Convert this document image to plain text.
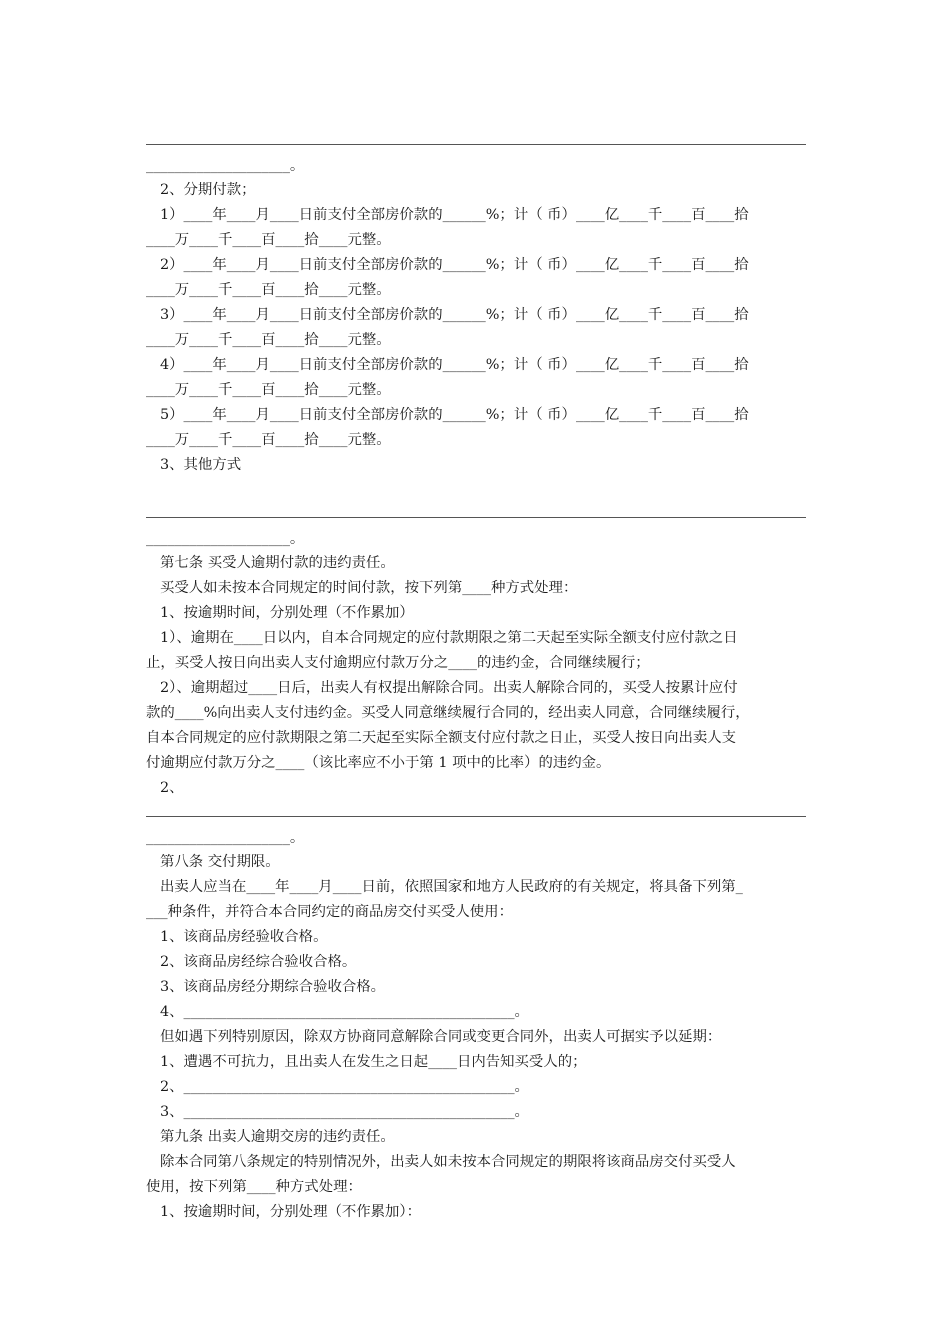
____________________。
2、分期付款；
1）____年____月____日前支付全部房价款的______%；计（ 币）____亿____千____百____拾
____万____千____百____拾____元整。
2）____年____月____日前支付全部房价款的______%；计（ 币）____亿____千____百____拾
____万____千____百____拾____元整。
3）____年____月____日前支付全部房价款的______%；计（ 币）____亿____千____百____拾
____万____千____百____拾____元整。
4）____年____月____日前支付全部房价款的______%；计（ 币）____亿____千____百____拾
____万____千____百____拾____元整。
5）____年____月____日前支付全部房价款的______%；计（ 币）____亿____千____百____拾
____万____千____百____拾____元整。
3、其他方式
____________________。
第七条 买受人逾期付款的违约责任。
买受人如未按本合同规定的时间付款，按下列第____种方式处理：
1、按逾期时间，分别处理（不作累加）
1）、逾期在____日以内，自本合同规定的应付款期限之第二天起至实际全额支付应付款之日
止，买受人按日向出卖人支付逾期应付款万分之____的违约金，合同继续履行；
2）、逾期超过____日后，出卖人有权提出解除合同。出卖人解除合同的，买受人按累计应付
款的____%向出卖人支付违约金。买受人同意继续履行合同的，经出卖人同意，合同继续履行，
自本合同规定的应付款期限之第二天起至实际全额支付应付款之日止，买受人按日向出卖人支
付逾期应付款万分之____（该比率应不小于第 1 项中的比率）的违约金。
2、
____________________。
第八条 交付期限。
出卖人应当在____年____月____日前，依照国家和地方人民政府的有关规定，将具备下列第_
___种条件，并符合本合同约定的商品房交付买受人使用：
1、该商品房经验收合格。
2、该商品房经综合验收合格。
3、该商品房经分期综合验收合格。
4、______________________________________________。
但如遇下列特别原因，除双方协商同意解除合同或变更合同外，出卖人可据实予以延期：
1、遭遇不可抗力，且出卖人在发生之日起____日内告知买受人的；
2、______________________________________________。
3、______________________________________________。
第九条 出卖人逾期交房的违约责任。
除本合同第八条规定的特别情况外，出卖人如未按本合同规定的期限将该商品房交付买受人
使用，按下列第____种方式处理：
1、按逾期时间，分别处理（不作累加）：
